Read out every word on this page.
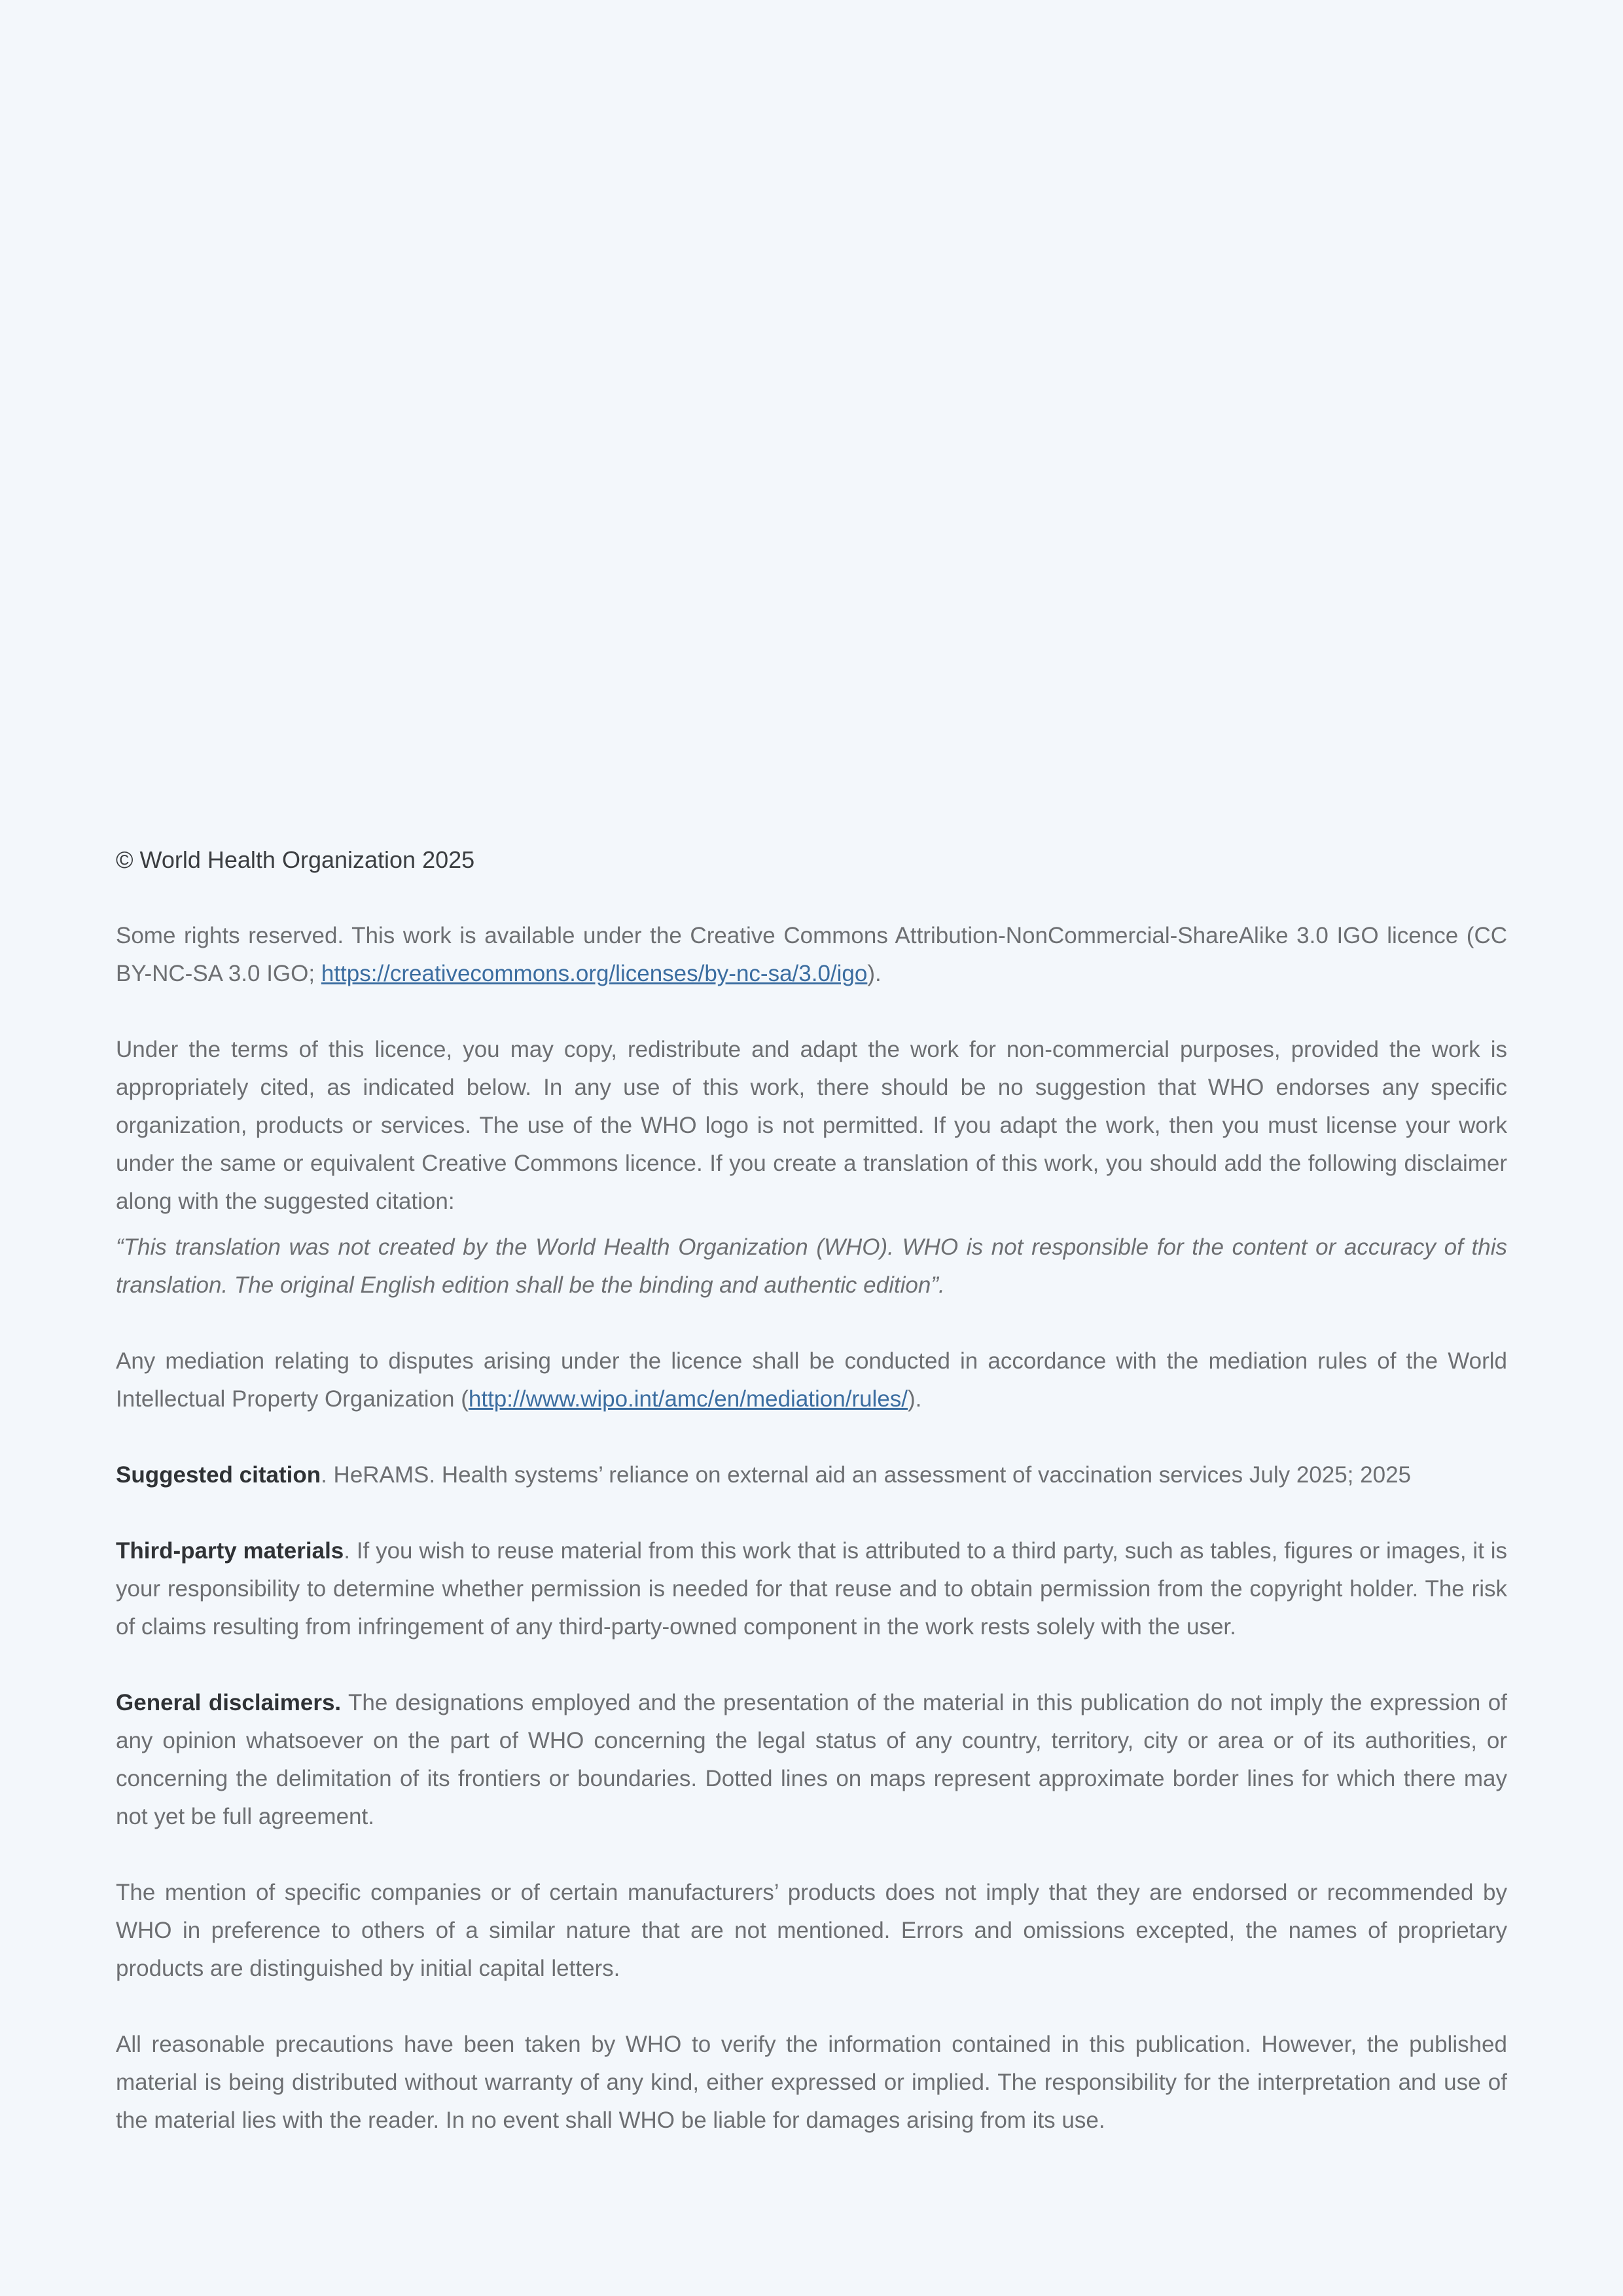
© World Health Organization 2025

Some rights reserved. This work is available under the Creative Commons Attribution-NonCommercial-ShareAlike 3.0 IGO licence (CC BY-NC-SA 3.0 IGO; https://creativecommons.org/licenses/by-nc-sa/3.0/igo).

Under the terms of this licence, you may copy, redistribute and adapt the work for non-commercial purposes, provided the work is appropriately cited, as indicated below. In any use of this work, there should be no suggestion that WHO endorses any specific organization, products or services. The use of the WHO logo is not permitted. If you adapt the work, then you must license your work under the same or equivalent Creative Commons licence. If you create a translation of this work, you should add the following disclaimer along with the suggested citation:

“This translation was not created by the World Health Organization (WHO). WHO is not responsible for the content or accuracy of this translation. The original English edition shall be the binding and authentic edition”.

Any mediation relating to disputes arising under the licence shall be conducted in accordance with the mediation rules of the World Intellectual Property Organization (http://www.wipo.int/amc/en/mediation/rules/).

Suggested citation. HeRAMS. Health systems’ reliance on external aid an assessment of vaccination services July 2025; 2025

Third-party materials. If you wish to reuse material from this work that is attributed to a third party, such as tables, figures or images, it is your responsibility to determine whether permission is needed for that reuse and to obtain permission from the copyright holder. The risk of claims resulting from infringement of any third-party-owned component in the work rests solely with the user.

General disclaimers. The designations employed and the presentation of the material in this publication do not imply the expression of any opinion whatsoever on the part of WHO concerning the legal status of any country, territory, city or area or of its authorities, or concerning the delimitation of its frontiers or boundaries. Dotted lines on maps represent approximate border lines for which there may not yet be full agreement.

The mention of specific companies or of certain manufacturers’ products does not imply that they are endorsed or recommended by WHO in preference to others of a similar nature that are not mentioned. Errors and omissions excepted, the names of proprietary products are distinguished by initial capital letters.

All reasonable precautions have been taken by WHO to verify the information contained in this publication. However, the published material is being distributed without warranty of any kind, either expressed or implied. The responsibility for the interpretation and use of the material lies with the reader. In no event shall WHO be liable for damages arising from its use.
